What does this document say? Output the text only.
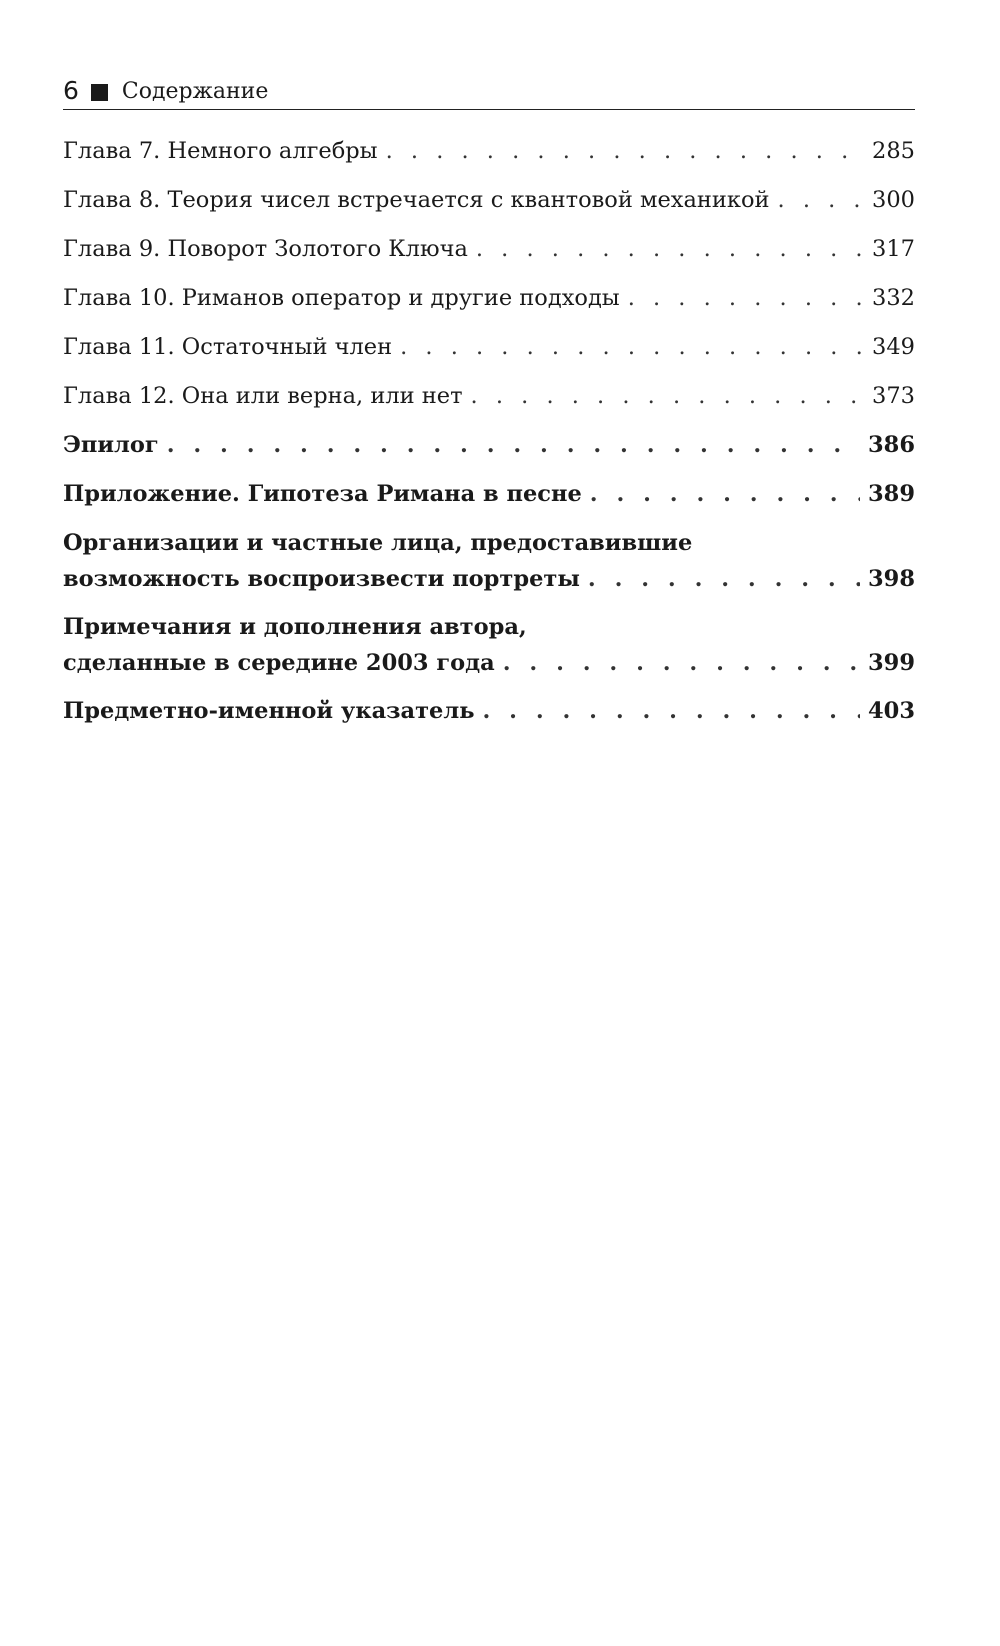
6 Содержание
Глава 7. Немного алгебры . . .	285
Глава 8. Теория чисел встречается с квантовой механикой . . .	300
Глава 9. Поворот Золотого Ключа . . .	317
Глава 10. Риманов оператор и другие подходы . . .	332
Глава 11. Остаточный член . . .	349
Глава 12. Она или верна, или нет . . .	373
Эпилог . . .	386
Приложение. Гипотеза Римана в песне . . .	389
Организации и частные лица, предоставившие
возможность воспроизвести портреты . . .	398
Примечания и дополнения автора,
сделанные в середине 2003 года . . .	399
Предметно-именной указатель . . .	403
